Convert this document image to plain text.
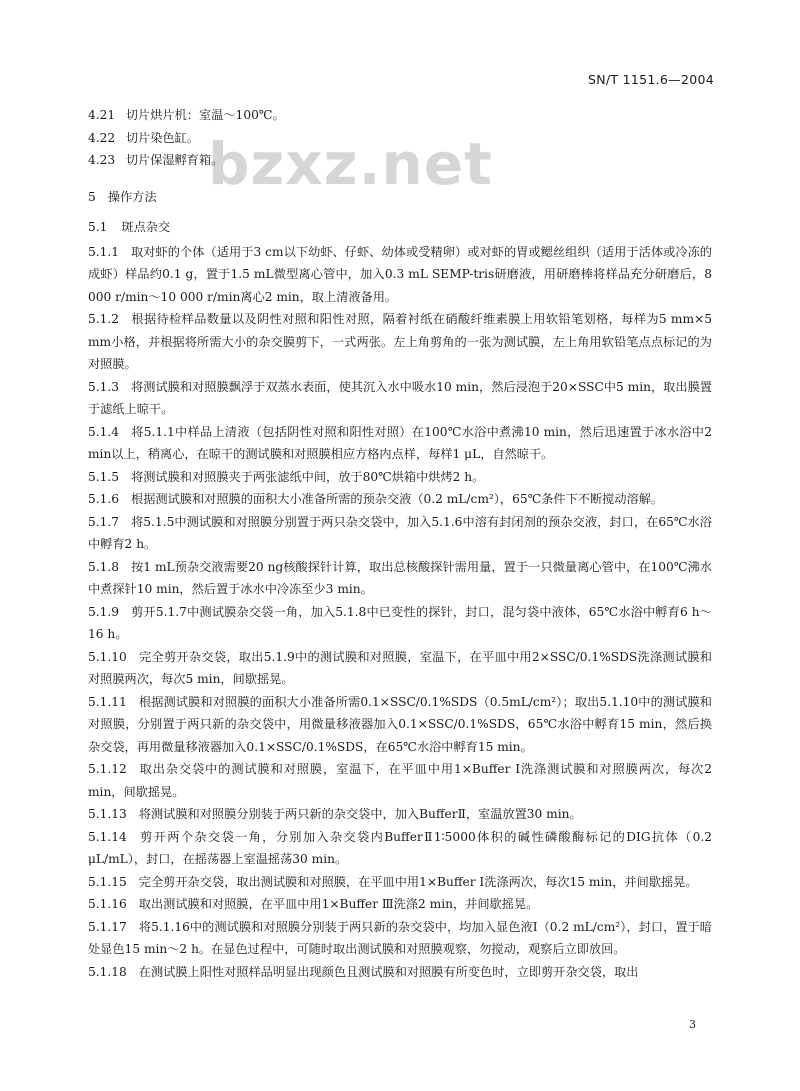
SN/T 1151.6—2004
bzxz.net
4.21 切片烘片机：室温～100℃。
4.22 切片染色缸。
4.23 切片保湿孵育箱。
5 操作方法
5.1 斑点杂交
5.1.1 取对虾的个体（适用于3 cm以下幼虾、仔虾、幼体或受精卵）或对虾的胃或鳃丝组织（适用于活体或冷冻的成虾）样品约0.1 g，置于1.5 mL微型离心管中，加入0.3 mL SEMP-tris研磨液，用研磨棒将样品充分研磨后，8 000 r/min～10 000 r/min离心2 min，取上清液备用。
5.1.2 根据待检样品数量以及阴性对照和阳性对照，隔着衬纸在硝酸纤维素膜上用软铅笔划格，每样为5 mm×5 mm小格，并根据将所需大小的杂交膜剪下，一式两张。左上角剪角的一张为测试膜，左上角用软铅笔点点标记的为对照膜。
5.1.3 将测试膜和对照膜飘浮于双蒸水表面，使其沉入水中吸水10 min，然后浸泡于20×SSC中5 min，取出膜置于滤纸上晾干。
5.1.4 将5.1.1中样品上清液（包括阴性对照和阳性对照）在100℃水浴中煮沸10 min，然后迅速置于冰水浴中2 min以上，稍离心，在晾干的测试膜和对照膜相应方格内点样，每样1 μL，自然晾干。
5.1.5 将测试膜和对照膜夹于两张滤纸中间，放于80℃烘箱中烘烤2 h。
5.1.6 根据测试膜和对照膜的面积大小准备所需的预杂交液（0.2 mL/cm²），65℃条件下不断搅动溶解。
5.1.7 将5.1.5中测试膜和对照膜分别置于两只杂交袋中，加入5.1.6中溶有封闭剂的预杂交液，封口，在65℃水浴中孵育2 h。
5.1.8 按1 mL预杂交液需要20 ng核酸探针计算，取出总核酸探针需用量，置于一只微量离心管中，在100℃沸水中煮探针10 min，然后置于冰水中冷冻至少3 min。
5.1.9 剪开5.1.7中测试膜杂交袋一角，加入5.1.8中已变性的探针，封口，混匀袋中液体，65℃水浴中孵育6 h～16 h。
5.1.10 完全剪开杂交袋，取出5.1.9中的测试膜和对照膜，室温下，在平皿中用2×SSC/0.1%SDS洗涤测试膜和对照膜两次，每次5 min，间歇摇晃。
5.1.11 根据测试膜和对照膜的面积大小准备所需0.1×SSC/0.1%SDS（0.5mL/cm²）；取出5.1.10中的测试膜和对照膜，分别置于两只新的杂交袋中，用微量移液器加入0.1×SSC/0.1%SDS，65℃水浴中孵育15 min，然后换杂交袋，再用微量移液器加入0.1×SSC/0.1%SDS，在65℃水浴中孵育15 min。
5.1.12 取出杂交袋中的测试膜和对照膜，室温下，在平皿中用1×Buffer Ⅰ洗涤测试膜和对照膜两次，每次2 min，间歇摇晃。
5.1.13 将测试膜和对照膜分别装于两只新的杂交袋中，加入BufferⅡ，室温放置30 min。
5.1.14 剪开两个杂交袋一角，分别加入杂交袋内BufferⅡ1∶5000体积的碱性磷酸酶标记的DIG抗体（0.2 μL/mL），封口，在摇荡器上室温摇荡30 min。
5.1.15 完全剪开杂交袋，取出测试膜和对照膜，在平皿中用1×Buffer Ⅰ洗涤两次，每次15 min，并间歇摇晃。
5.1.16 取出测试膜和对照膜，在平皿中用1×Buffer Ⅲ洗涤2 min，并间歇摇晃。
5.1.17 将5.1.16中的测试膜和对照膜分别装于两只新的杂交袋中，均加入显色液Ⅰ（0.2 mL/cm²），封口，置于暗处显色15 min～2 h。在显色过程中，可随时取出测试膜和对照膜观察，勿搅动，观察后立即放回。
5.1.18 在测试膜上阳性对照样品明显出现颜色且测试膜和对照膜有所变色时，立即剪开杂交袋，取出
3
